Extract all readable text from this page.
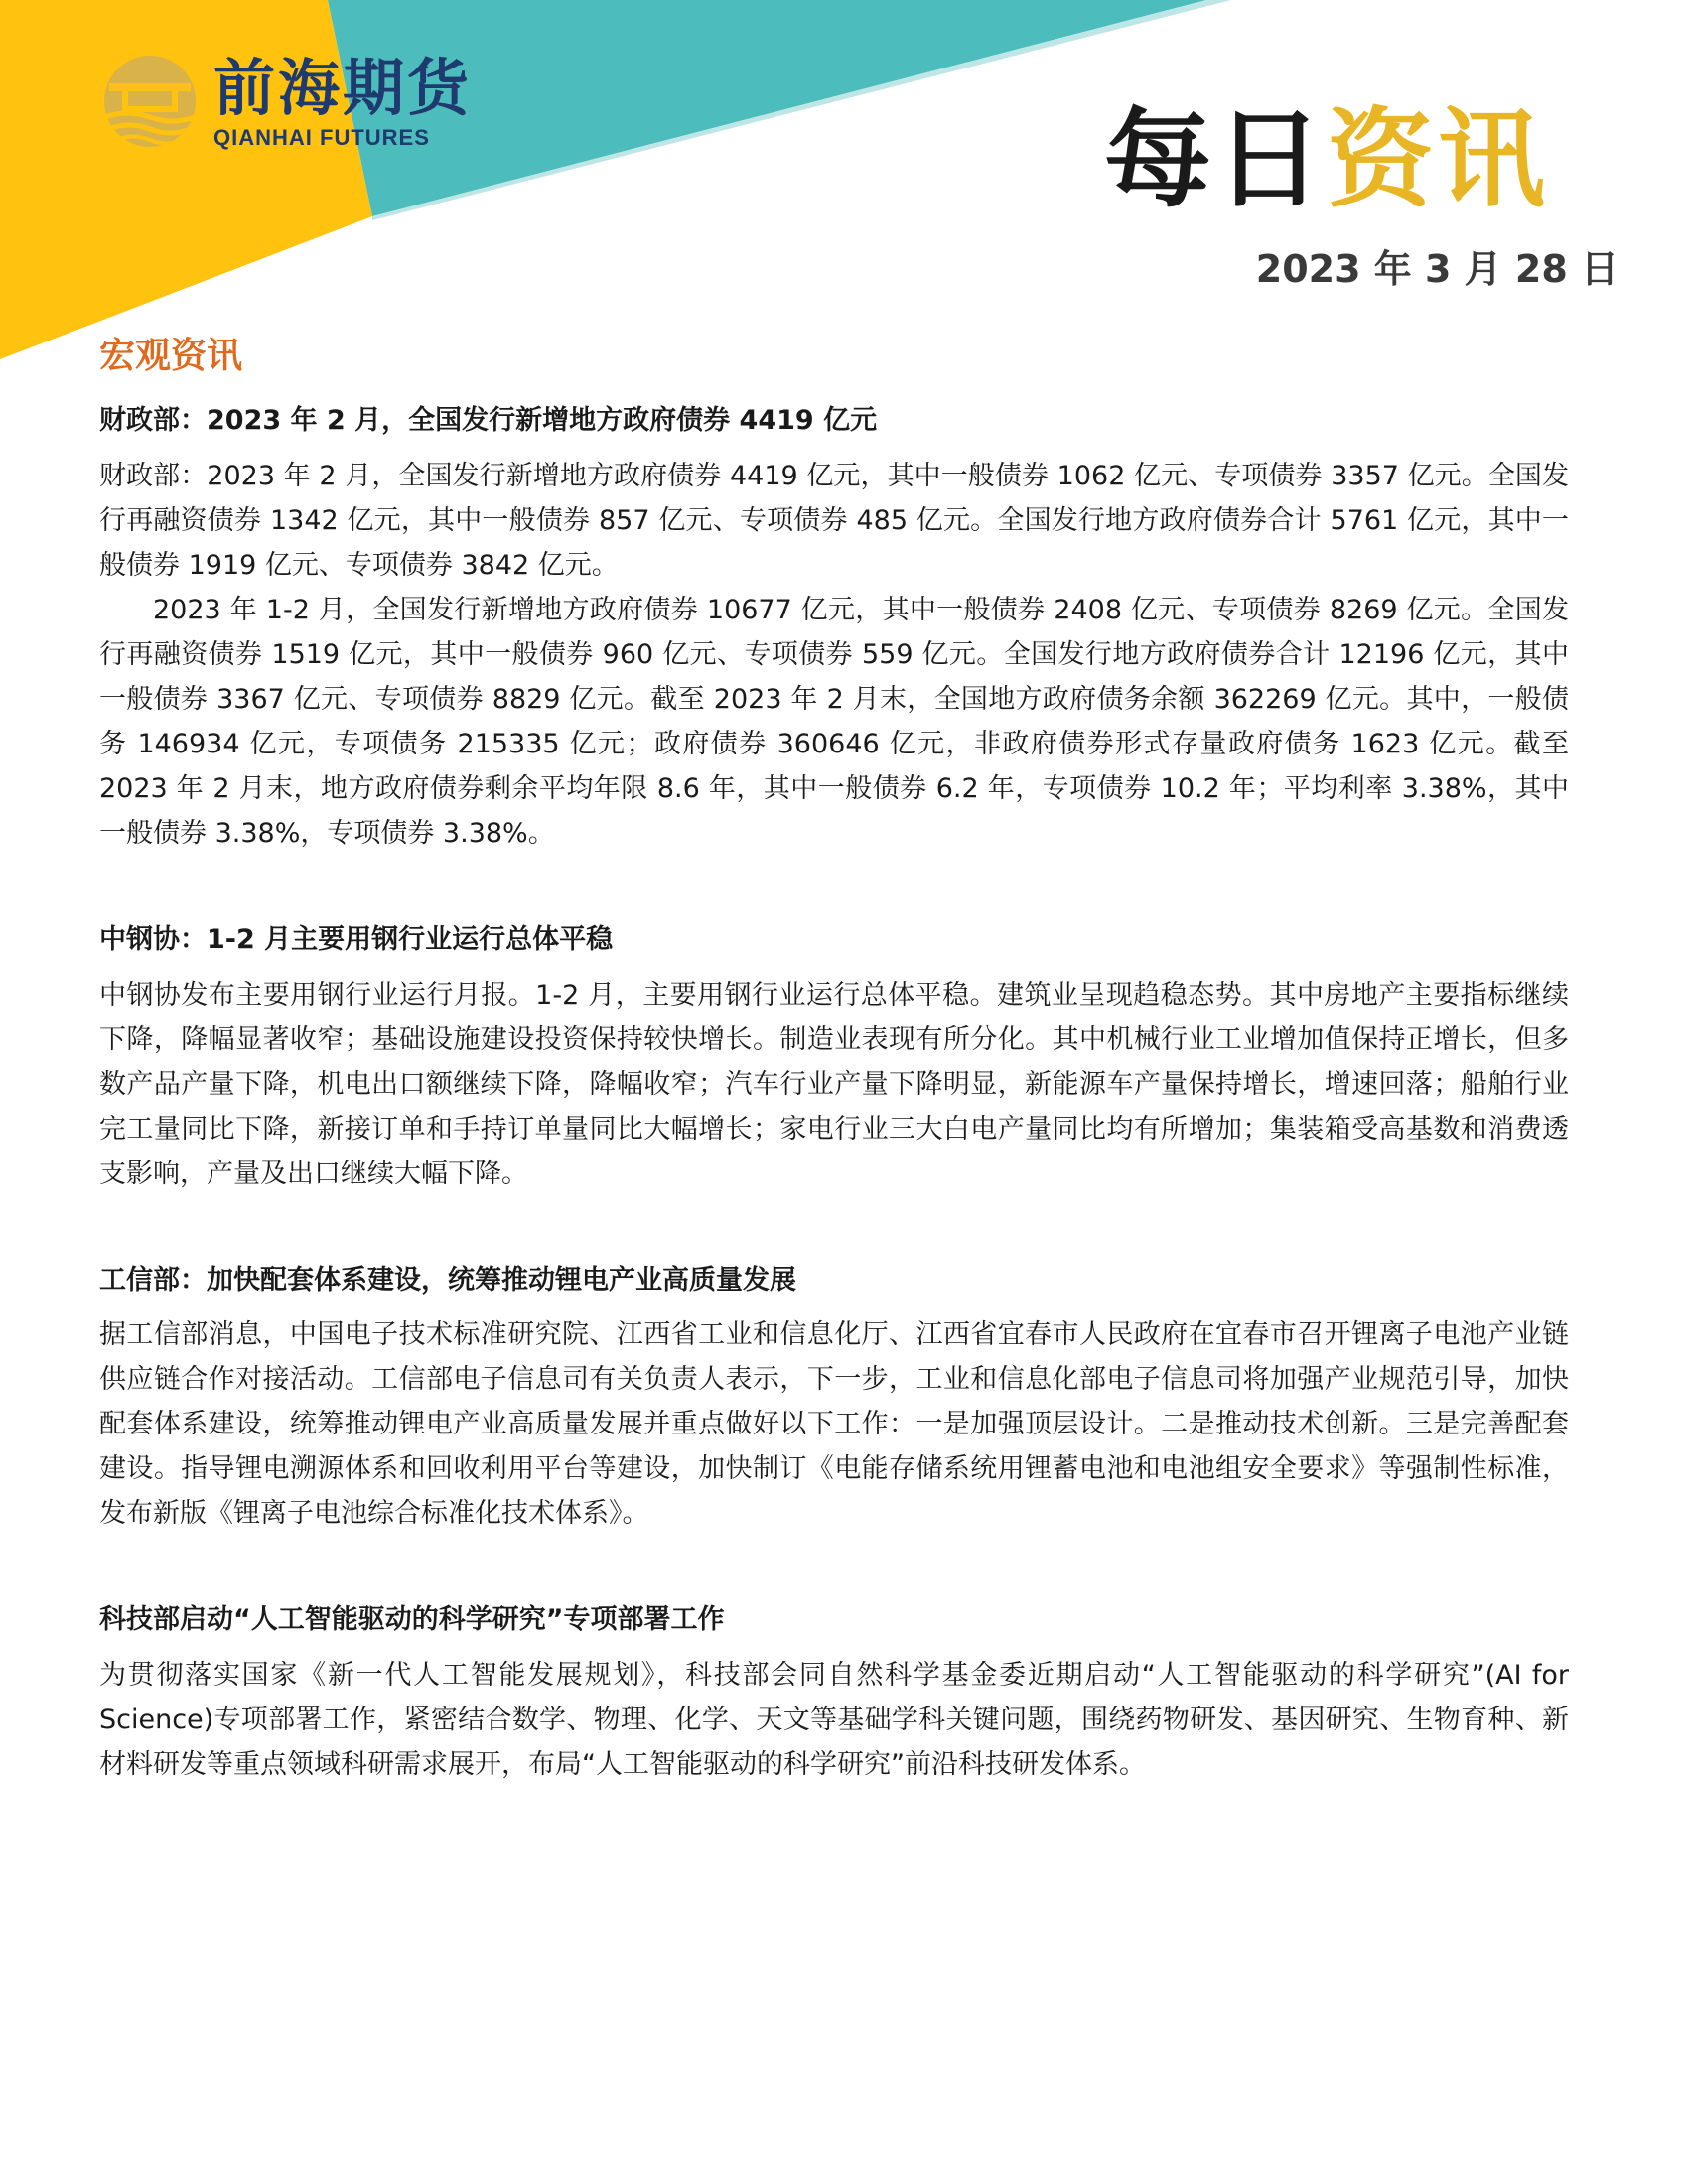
前海期货
QIANHAI FUTURES	每日资讯
2023 年 3 月 28 日
宏观资讯
财政部：2023 年 2 月，全国发行新增地方政府债券 4419 亿元

财政部：2023 年 2 月，全国发行新增地方政府债券 4419 亿元，其中一般债券 1062 亿元、专项债券 3357 亿元。全国发行再融资债券 1342 亿元，其中一般债券 857 亿元、专项债券 485 亿元。全国发行地方政府债券合计 5761 亿元，其中一般债券 1919 亿元、专项债券 3842 亿元。

2023 年 1-2 月，全国发行新增地方政府债券 10677 亿元，其中一般债券 2408 亿元、专项债券 8269 亿元。全国发行再融资债券 1519 亿元，其中一般债券 960 亿元、专项债券 559 亿元。全国发行地方政府债券合计 12196 亿元，其中一般债券 3367 亿元、专项债券 8829 亿元。截至 2023 年 2 月末，全国地方政府债务余额 362269 亿元。其中，一般债务 146934 亿元，专项债务 215335 亿元；政府债券 360646 亿元，非政府债券形式存量政府债务 1623 亿元。截至 2023 年 2 月末，地方政府债券剩余平均年限 8.6 年，其中一般债券 6.2 年，专项债券 10.2 年；平均利率 3.38%，其中一般债券 3.38%，专项债券 3.38%。

中钢协：1-2 月主要用钢行业运行总体平稳

中钢协发布主要用钢行业运行月报。1-2 月，主要用钢行业运行总体平稳。建筑业呈现趋稳态势。其中房地产主要指标继续下降，降幅显著收窄；基础设施建设投资保持较快增长。制造业表现有所分化。其中机械行业工业增加值保持正增长，但多数产品产量下降，机电出口额继续下降，降幅收窄；汽车行业产量下降明显，新能源车产量保持增长，增速回落；船舶行业完工量同比下降，新接订单和手持订单量同比大幅增长；家电行业三大白电产量同比均有所增加；集装箱受高基数和消费透支影响，产量及出口继续大幅下降。

工信部：加快配套体系建设，统筹推动锂电产业高质量发展

据工信部消息，中国电子技术标准研究院、江西省工业和信息化厅、江西省宜春市人民政府在宜春市召开锂离子电池产业链供应链合作对接活动。工信部电子信息司有关负责人表示，下一步，工业和信息化部电子信息司将加强产业规范引导，加快配套体系建设，统筹推动锂电产业高质量发展并重点做好以下工作：一是加强顶层设计。二是推动技术创新。三是完善配套建设。指导锂电溯源体系和回收利用平台等建设，加快制订《电能存储系统用锂蓄电池和电池组安全要求》等强制性标准，发布新版《锂离子电池综合标准化技术体系》。

科技部启动“人工智能驱动的科学研究”专项部署工作

为贯彻落实国家《新一代人工智能发展规划》，科技部会同自然科学基金委近期启动“人工智能驱动的科学研究”(AI for Science)专项部署工作，紧密结合数学、物理、化学、天文等基础学科关键问题，围绕药物研发、基因研究、生物育种、新材料研发等重点领域科研需求展开，布局“人工智能驱动的科学研究”前沿科技研发体系。
